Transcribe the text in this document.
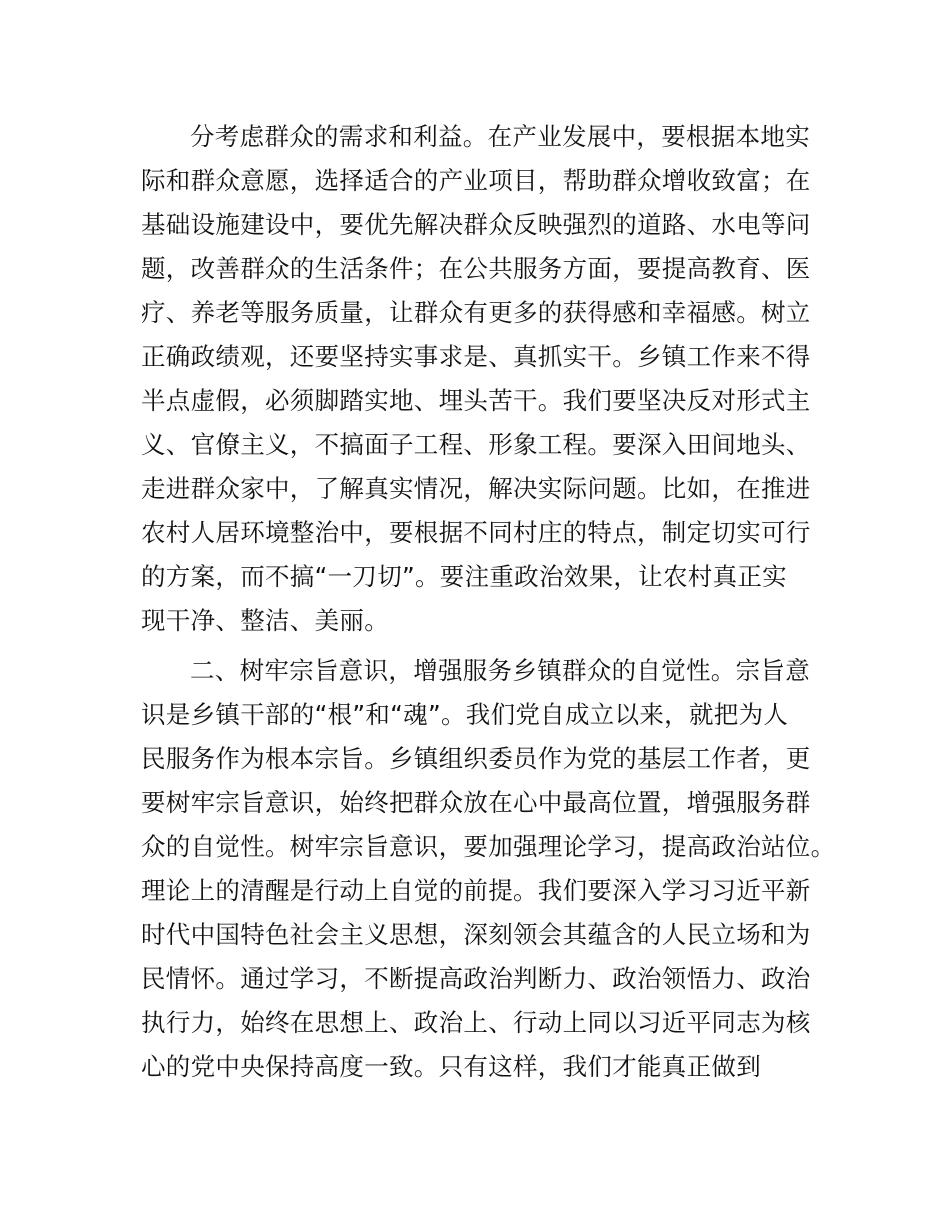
分考虑群众的需求和利益。在产业发展中，要根据本地实
际和群众意愿，选择适合的产业项目，帮助群众增收致富；在
基础设施建设中，要优先解决群众反映强烈的道路、水电等问
题，改善群众的生活条件；在公共服务方面，要提高教育、医
疗、养老等服务质量，让群众有更多的获得感和幸福感。树立
正确政绩观，还要坚持实事求是、真抓实干。乡镇工作来不得
半点虚假，必须脚踏实地、埋头苦干。我们要坚决反对形式主
义、官僚主义，不搞面子工程、形象工程。要深入田间地头、
走进群众家中，了解真实情况，解决实际问题。比如，在推进
农村人居环境整治中，要根据不同村庄的特点，制定切实可行
的方案，而不搞“一刀切”。要注重政治效果，让农村真正实
现干净、整洁、美丽。
二、树牢宗旨意识，增强服务乡镇群众的自觉性。宗旨意
识是乡镇干部的“根”和“魂”。我们党自成立以来，就把为人
民服务作为根本宗旨。乡镇组织委员作为党的基层工作者，更
要树牢宗旨意识，始终把群众放在心中最高位置，增强服务群
众的自觉性。树牢宗旨意识，要加强理论学习，提高政治站位。
理论上的清醒是行动上自觉的前提。我们要深入学习习近平新
时代中国特色社会主义思想，深刻领会其蕴含的人民立场和为
民情怀。通过学习，不断提高政治判断力、政治领悟力、政治
执行力，始终在思想上、政治上、行动上同以习近平同志为核
心的党中央保持高度一致。只有这样，我们才能真正做到
